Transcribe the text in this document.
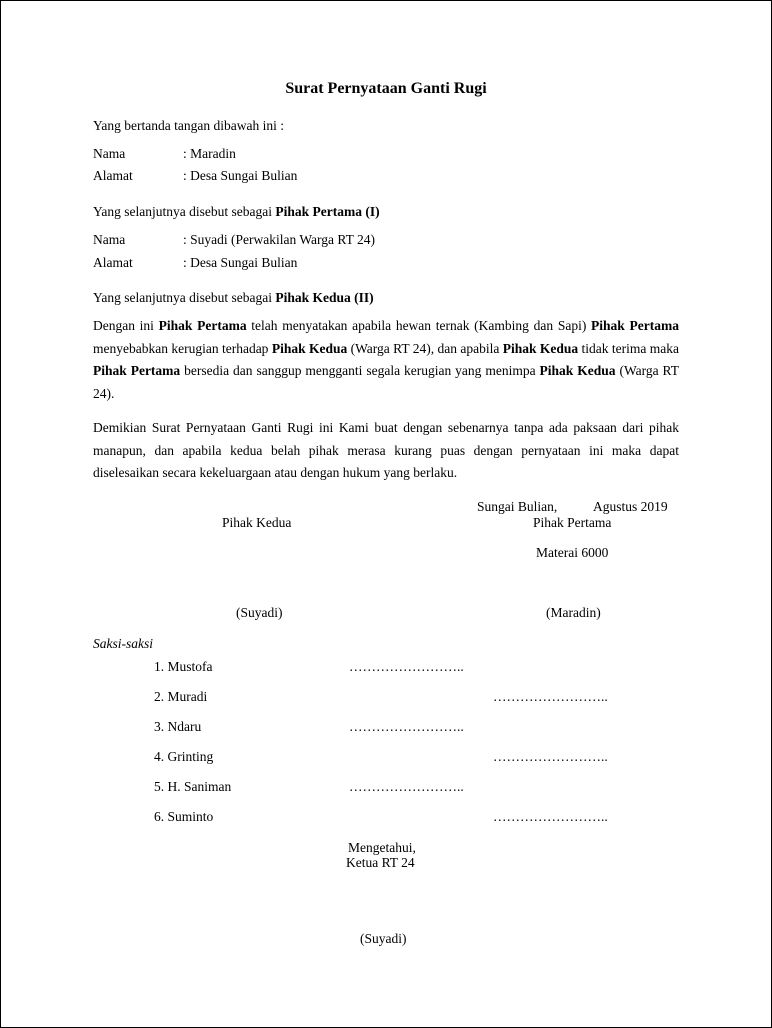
Surat Pernyataan Ganti Rugi
Yang bertanda tangan dibawah ini :
Nama	: Maradin
Alamat	: Desa Sungai Bulian
Yang selanjutnya disebut sebagai Pihak Pertama (I)
Nama	: Suyadi (Perwakilan Warga RT 24)
Alamat	: Desa Sungai Bulian
Yang selanjutnya disebut sebagai Pihak Kedua (II)
Dengan ini Pihak Pertama telah menyatakan apabila hewan ternak (Kambing dan Sapi) Pihak Pertama menyebabkan kerugian terhadap Pihak Kedua (Warga RT 24), dan apabila Pihak Kedua tidak terima maka Pihak Pertama bersedia dan sanggup mengganti segala kerugian yang menimpa Pihak Kedua (Warga RT 24).
Demikian Surat Pernyataan Ganti Rugi ini Kami buat dengan sebenarnya tanpa ada paksaan dari pihak manapun, dan apabila kedua belah pihak merasa kurang puas dengan pernyataan ini maka dapat diselesaikan secara kekeluargaan atau dengan hukum yang berlaku.
Sungai Bulian,	Agustus 2019
Pihak Kedua	Pihak Pertama
Materai 6000
(Suyadi)	(Maradin)
Saksi-saksi
1. Mustofa	……………………..
2. Muradi	……………………..
3. Ndaru	……………………..
4. Grinting	……………………..
5. H. Saniman	……………………..
6. Suminto	……………………..
Mengetahui,
Ketua RT 24
(Suyadi)
